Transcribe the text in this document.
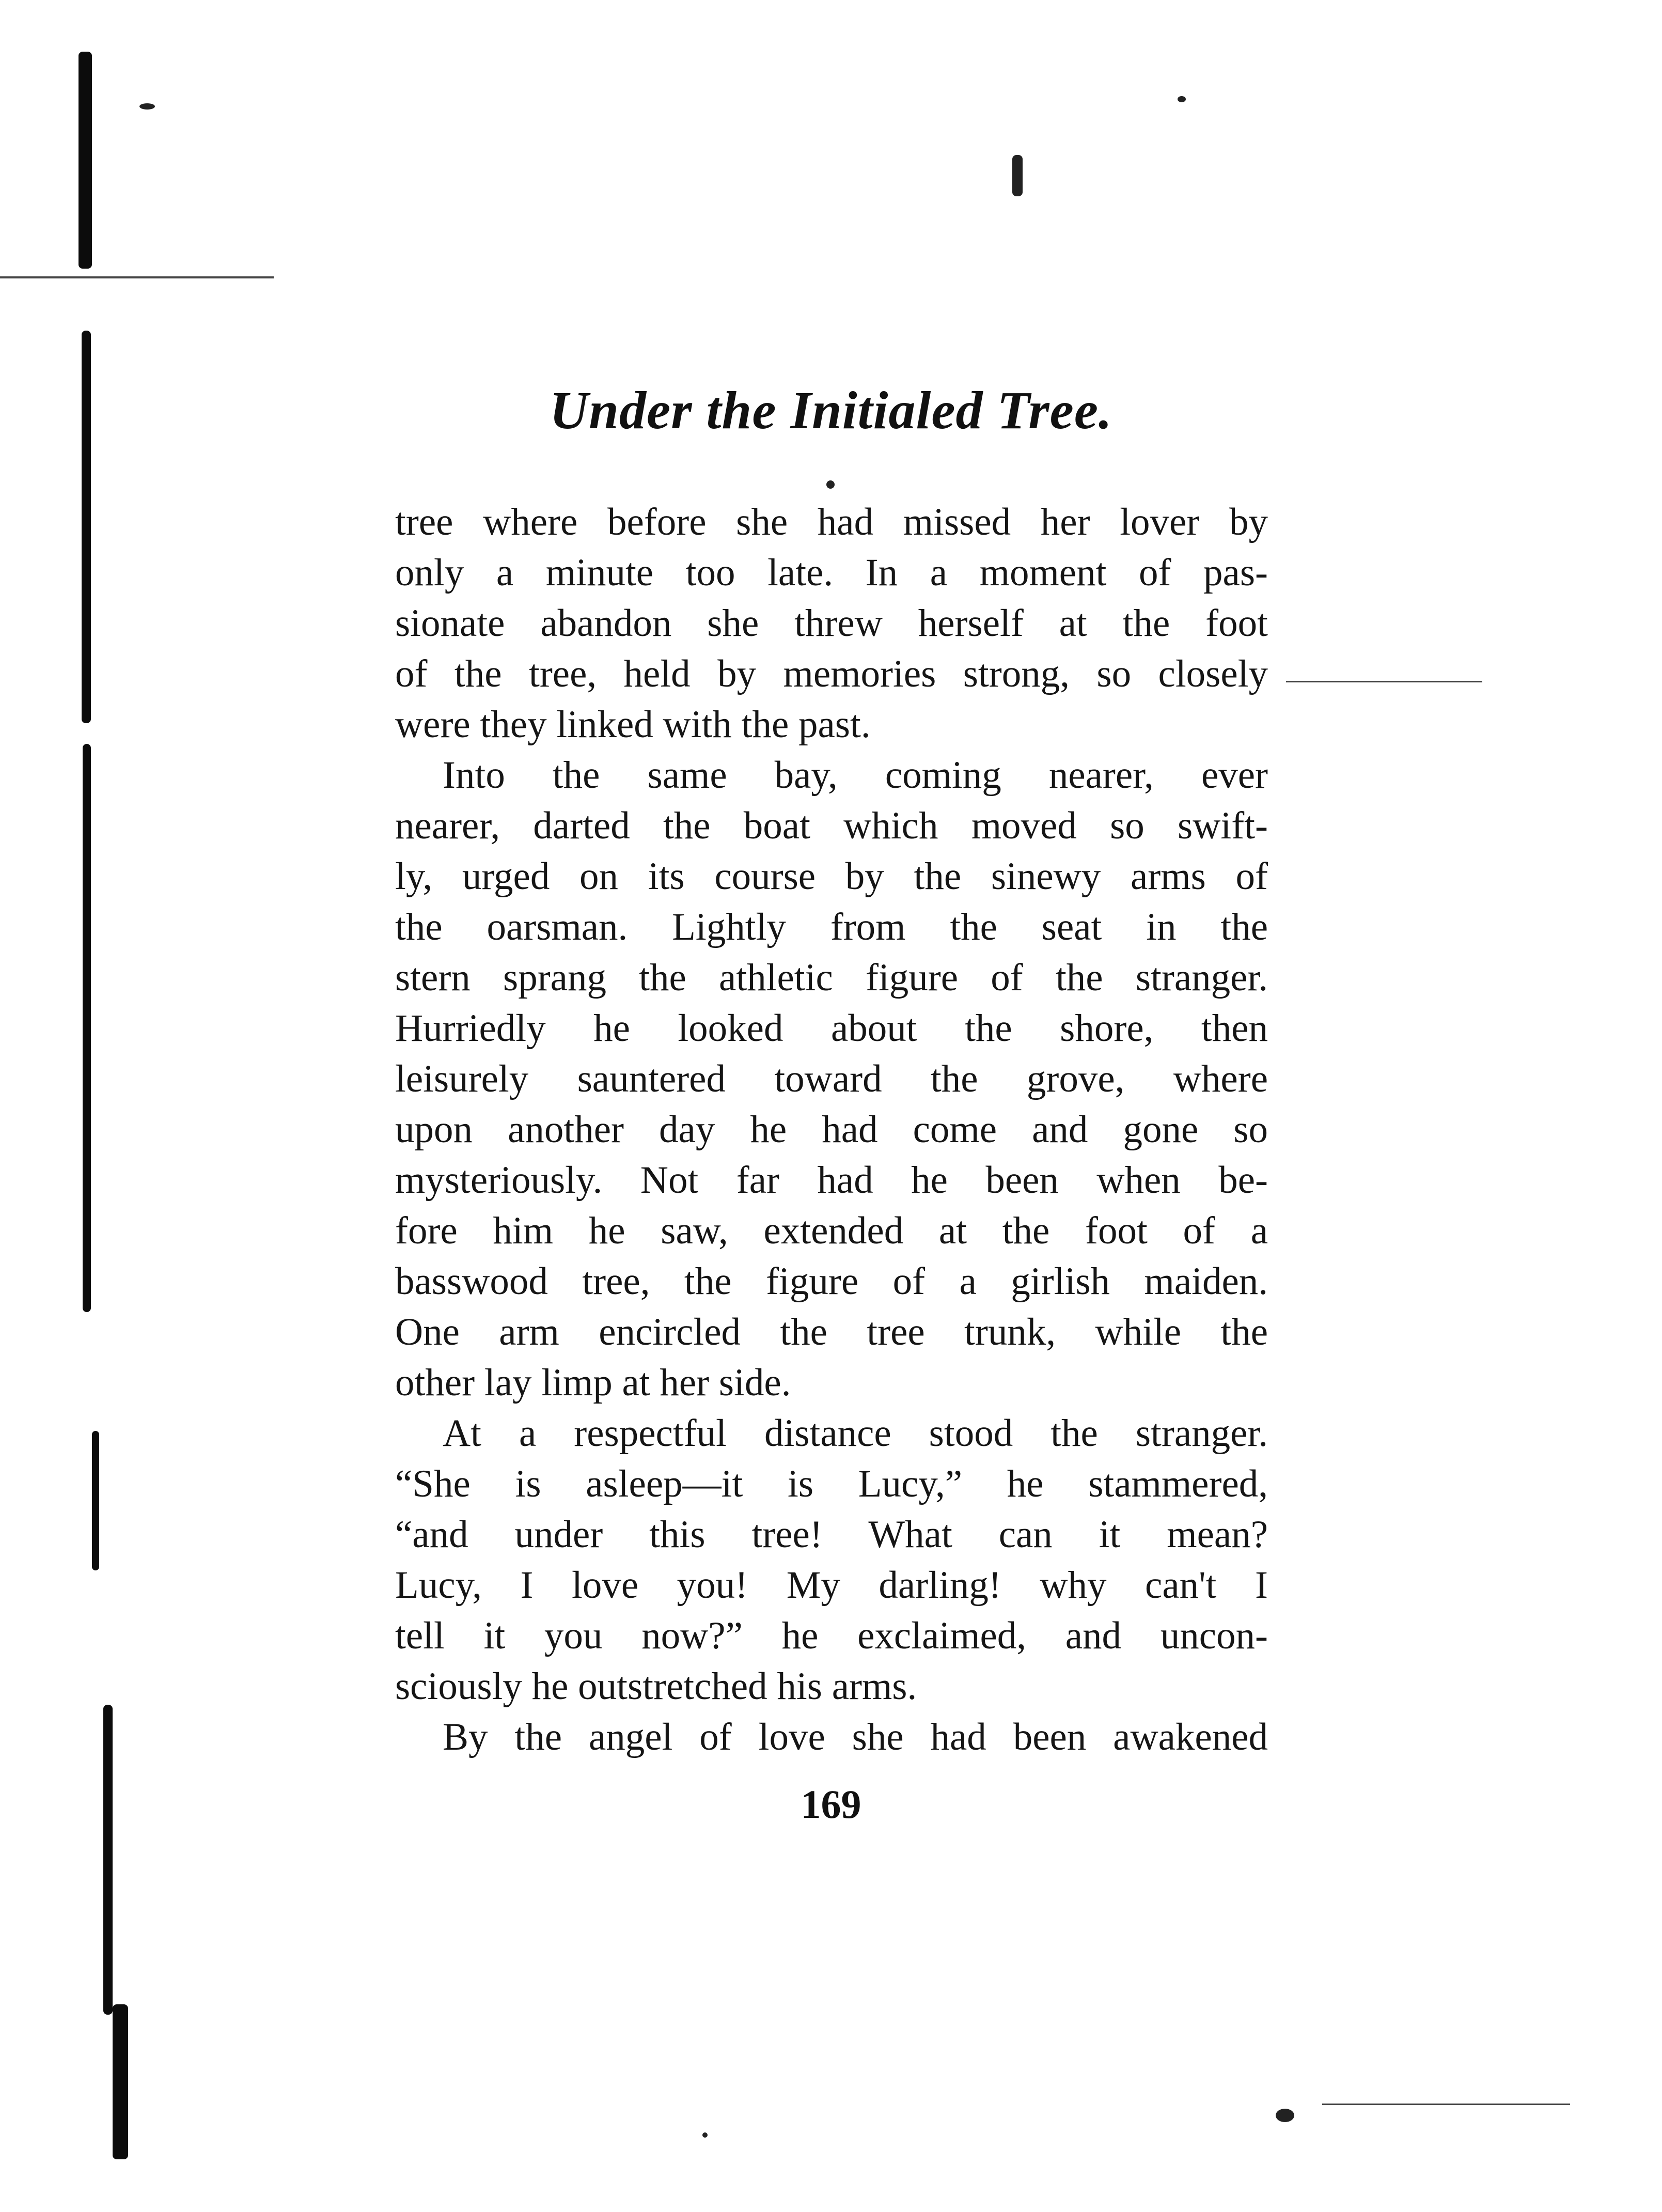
Under the Initialed Tree.
tree where before she had missed her lover by
only a minute too late. In a moment of pas-
sionate abandon she threw herself at the foot
of the tree, held by memories strong, so closely
were they linked with the past.
Into the same bay, coming nearer, ever
nearer, darted the boat which moved so swift-
ly, urged on its course by the sinewy arms of
the oarsman. Lightly from the seat in the
stern sprang the athletic figure of the stranger.
Hurriedly he looked about the shore, then
leisurely sauntered toward the grove, where
upon another day he had come and gone so
mysteriously. Not far had he been when be-
fore him he saw, extended at the foot of a
basswood tree, the figure of a girlish maiden.
One arm encircled the tree trunk, while the
other lay limp at her side.
At a respectful distance stood the stranger.
“She is asleep—it is Lucy,” he stammered,
“and under this tree! What can it mean?
Lucy, I love you! My darling! why can't I
tell it you now?” he exclaimed, and uncon-
sciously he outstretched his arms.
By the angel of love she had been awakened
169
